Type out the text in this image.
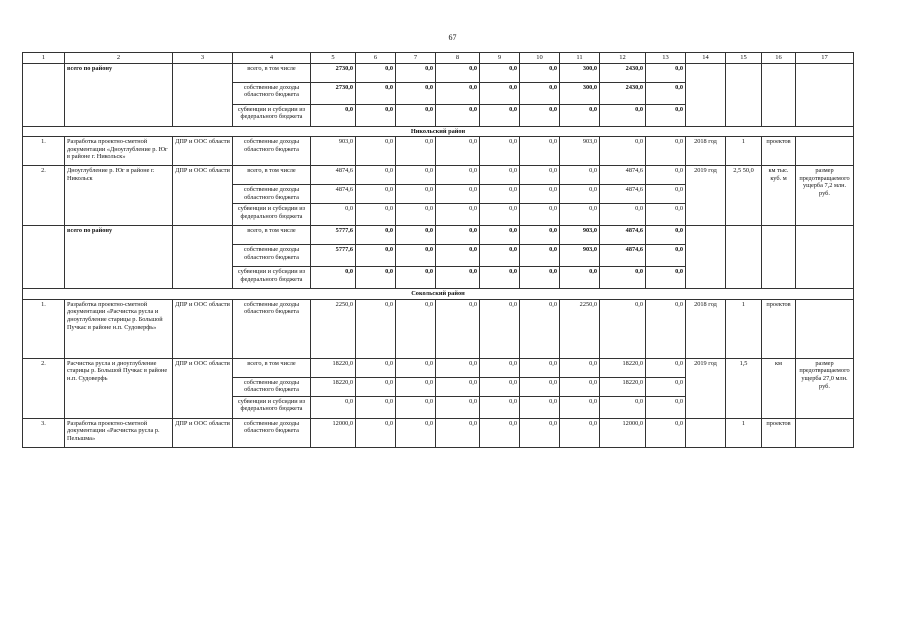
67
1	2	3	4	5	6	7	8	9	10	11	12	13	14	15	16	17
	всего по району		всего, в том числе	2730,0	0,0	0,0	0,0	0,0	0,0	300,0	2430,0	0,0				
			собственные доходы областного бюджета	2730,0	0,0	0,0	0,0	0,0	0,0	300,0	2430,0	0,0				
			субвенции и субсидии из федерального бюджета	0,0	0,0	0,0	0,0	0,0	0,0	0,0	0,0	0,0				
Никольский район																
1.	Разработка проектно-сметной документации «Дноуглубление р. Юг в районе г. Никольск»	ДПР и ООС области	собственные доходы областного бюджета	903,0	0,0	0,0	0,0	0,0	0,0	903,0	0,0	0,0	2018 год	1	проектов	
2.	Дноуглубление р. Юг в районе г. Никольск	ДПР и ООС области	всего, в том числе	4874,6	0,0	0,0	0,0	0,0	0,0	0,0	4874,6	0,0	2019 год	2,5 50,0	км тыс. куб. м	размер предотвращаемого ущерба 7,2 млн. руб.
			собственные доходы областного бюджета	4874,6	0,0	0,0	0,0	0,0	0,0	0,0	4874,6	0,0				
			субвенции и субсидии из федерального бюджета	0,0	0,0	0,0	0,0	0,0	0,0	0,0	0,0	0,0				
	всего по району		всего, в том числе	5777,6	0,0	0,0	0,0	0,0	0,0	903,0	4874,6	0,0				
			собственные доходы областного бюджета	5777,6	0,0	0,0	0,0	0,0	0,0	903,0	4874,6	0,0				
			субвенции и субсидии из федерального бюджета	0,0	0,0	0,0	0,0	0,0	0,0	0,0	0,0	0,0				
Сокольский район																
1.	Разработка проектно-сметной документации «Расчистка русла и дноуглубление старицы р. Большой Пучкас в районе н.п. Судоверфь»	ДПР и ООС области	собственные доходы областного бюджета	2250,0	0,0	0,0	0,0	0,0	0,0	2250,0	0,0	0,0	2018 год	1	проектов	
2.	Расчистка русла и дноуглубление старицы р. Большой Пучкас в районе н.п. Судоверфь	ДПР и ООС области	всего, в том числе	18220,0	0,0	0,0	0,0	0,0	0,0	0,0	18220,0	0,0	2019 год	1,5	км	размер предотвращаемого ущерба 27,0 млн. руб.
			собственные доходы областного бюджета	18220,0	0,0	0,0	0,0	0,0	0,0	0,0	18220,0	0,0				
			субвенции и субсидии из федерального бюджета	0,0	0,0	0,0	0,0	0,0	0,0	0,0	0,0	0,0				
3.	Разработка проектно-сметной документации «Расчистка русла р. Пельшма»	ДПР и ООС области	собственные доходы областного бюджета	12000,0	0,0	0,0	0,0	0,0	0,0	0,0	12000,0	0,0		1	проектов	
